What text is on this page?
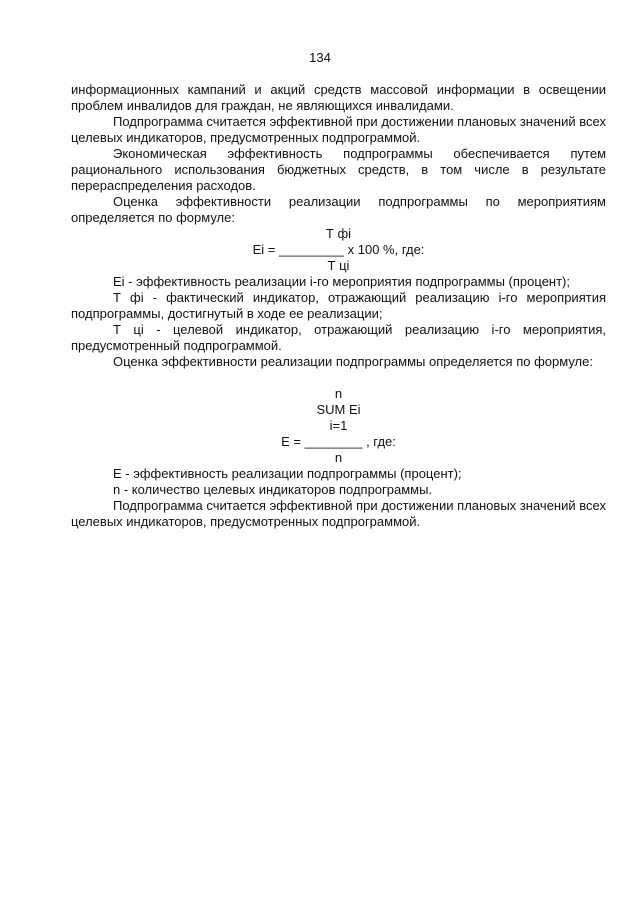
134

информационных кампаний и акций средств массовой информации в освещении проблем инвалидов для граждан, не являющихся инвалидами.

Подпрограмма считается эффективной при достижении плановых значений всех целевых индикаторов, предусмотренных подпрограммой.

Экономическая эффективность подпрограммы обеспечивается путем рационального использования бюджетных средств, в том числе в результате перераспределения расходов.

Оценка эффективности реализации подпрограммы по мероприятиям определяется по формуле:

Т фі
Ei = _________ x 100 %, где:
Т цi

Ei - эффективность реализации i-го мероприятия подпрограммы (процент);

Т фi - фактический индикатор, отражающий реализацию i-го мероприятия подпрограммы, достигнутый в ходе ее реализации;

Т цi - целевой индикатор, отражающий реализацию i-го мероприятия, предусмотренный подпрограммой.

Оценка эффективности реализации подпрограммы определяется по формуле:

n
SUM Ei
i=1
E = ________ , где:
n

E - эффективность реализации подпрограммы (процент);

n - количество целевых индикаторов подпрограммы.

Подпрограмма считается эффективной при достижении плановых значений всех целевых индикаторов, предусмотренных подпрограммой.
